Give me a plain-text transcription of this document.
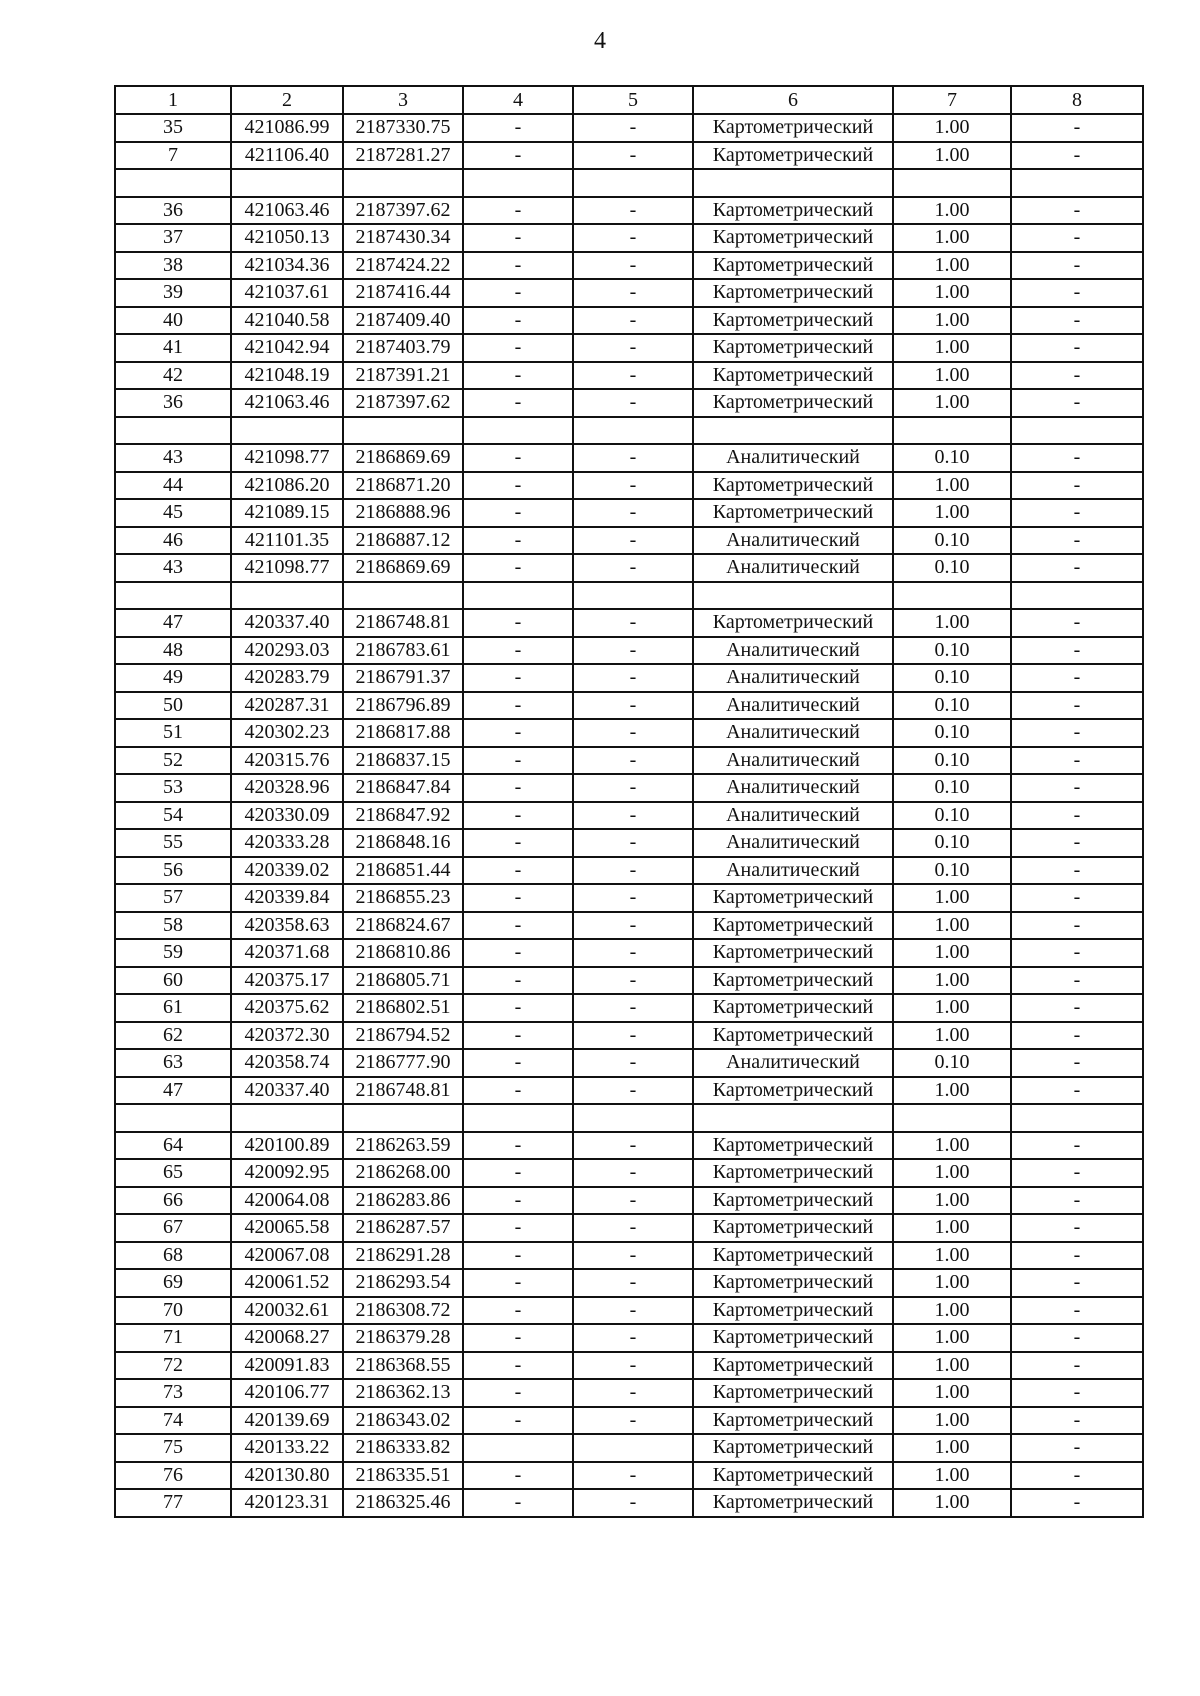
4
1	2	3	4	5	6	7	8
35	421086.99	2187330.75	-	-	Картометрический	1.00	-
7	421106.40	2187281.27	-	-	Картометрический	1.00	-

36	421063.46	2187397.62	-	-	Картометрический	1.00	-
37	421050.13	2187430.34	-	-	Картометрический	1.00	-
38	421034.36	2187424.22	-	-	Картометрический	1.00	-
39	421037.61	2187416.44	-	-	Картометрический	1.00	-
40	421040.58	2187409.40	-	-	Картометрический	1.00	-
41	421042.94	2187403.79	-	-	Картометрический	1.00	-
42	421048.19	2187391.21	-	-	Картометрический	1.00	-
36	421063.46	2187397.62	-	-	Картометрический	1.00	-

43	421098.77	2186869.69	-	-	Аналитический	0.10	-
44	421086.20	2186871.20	-	-	Картометрический	1.00	-
45	421089.15	2186888.96	-	-	Картометрический	1.00	-
46	421101.35	2186887.12	-	-	Аналитический	0.10	-
43	421098.77	2186869.69	-	-	Аналитический	0.10	-

47	420337.40	2186748.81	-	-	Картометрический	1.00	-
48	420293.03	2186783.61	-	-	Аналитический	0.10	-
49	420283.79	2186791.37	-	-	Аналитический	0.10	-
50	420287.31	2186796.89	-	-	Аналитический	0.10	-
51	420302.23	2186817.88	-	-	Аналитический	0.10	-
52	420315.76	2186837.15	-	-	Аналитический	0.10	-
53	420328.96	2186847.84	-	-	Аналитический	0.10	-
54	420330.09	2186847.92	-	-	Аналитический	0.10	-
55	420333.28	2186848.16	-	-	Аналитический	0.10	-
56	420339.02	2186851.44	-	-	Аналитический	0.10	-
57	420339.84	2186855.23	-	-	Картометрический	1.00	-
58	420358.63	2186824.67	-	-	Картометрический	1.00	-
59	420371.68	2186810.86	-	-	Картометрический	1.00	-
60	420375.17	2186805.71	-	-	Картометрический	1.00	-
61	420375.62	2186802.51	-	-	Картометрический	1.00	-
62	420372.30	2186794.52	-	-	Картометрический	1.00	-
63	420358.74	2186777.90	-	-	Аналитический	0.10	-
47	420337.40	2186748.81	-	-	Картометрический	1.00	-

64	420100.89	2186263.59	-	-	Картометрический	1.00	-
65	420092.95	2186268.00	-	-	Картометрический	1.00	-
66	420064.08	2186283.86	-	-	Картометрический	1.00	-
67	420065.58	2186287.57	-	-	Картометрический	1.00	-
68	420067.08	2186291.28	-	-	Картометрический	1.00	-
69	420061.52	2186293.54	-	-	Картометрический	1.00	-
70	420032.61	2186308.72	-	-	Картометрический	1.00	-
71	420068.27	2186379.28	-	-	Картометрический	1.00	-
72	420091.83	2186368.55	-	-	Картометрический	1.00	-
73	420106.77	2186362.13	-	-	Картометрический	1.00	-
74	420139.69	2186343.02	-	-	Картометрический	1.00	-
75	420133.22	2186333.82			Картометрический	1.00	-
76	420130.80	2186335.51	-	-	Картометрический	1.00	-
77	420123.31	2186325.46	-	-	Картометрический	1.00	-
